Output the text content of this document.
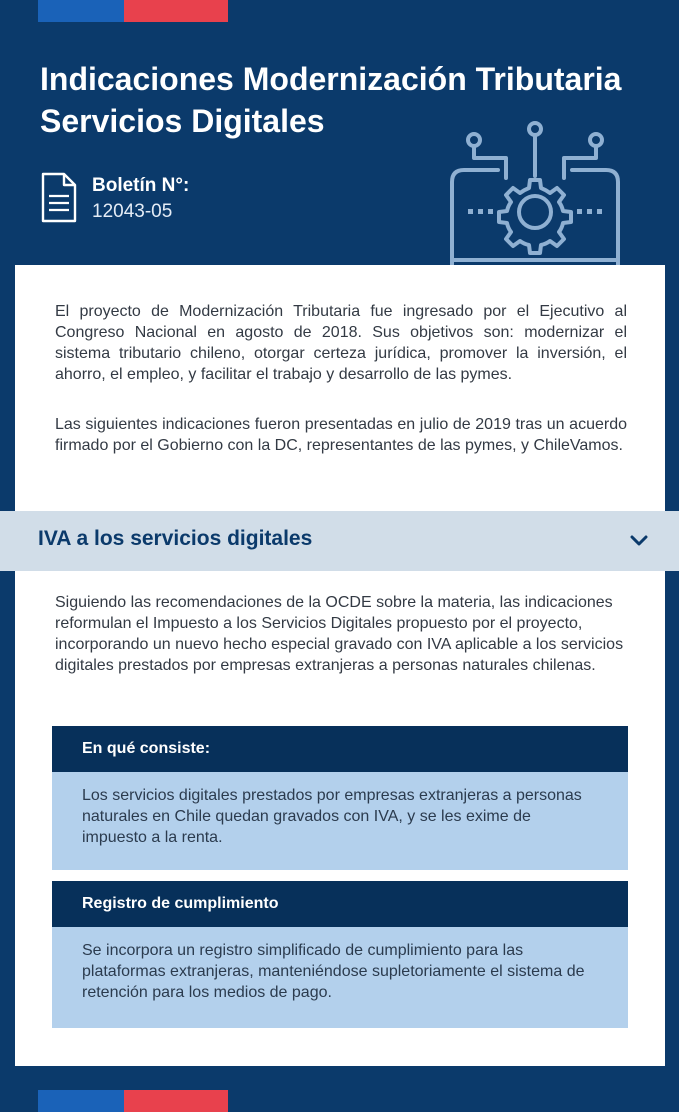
Indicaciones Modernización Tributaria
Servicios Digitales
Boletín N°:
12043-05

El proyecto de Modernización Tributaria fue ingresado por el Ejecutivo al Congreso Nacional en agosto de 2018. Sus objetivos son: modernizar el sistema tributario chileno, otorgar certeza jurídica, promover la inversión, el ahorro, el empleo, y facilitar el trabajo y desarrollo de las pymes.

Las siguientes indicaciones fueron presentadas en julio de 2019 tras un acuerdo firmado por el Gobierno con la DC, representantes de las pymes, y ChileVamos.

IVA a los servicios digitales

Siguiendo las recomendaciones de la OCDE sobre la materia, las indicaciones reformulan el Impuesto a los Servicios Digitales propuesto por el proyecto, incorporando un nuevo hecho especial gravado con IVA aplicable a los servicios digitales prestados por empresas extranjeras a personas naturales chilenas.

En qué consiste:
Los servicios digitales prestados por empresas extranjeras a personas naturales en Chile quedan gravados con IVA, y se les exime de impuesto a la renta.
Registro de cumplimiento
Se incorpora un registro simplificado de cumplimiento para las plataformas extranjeras, manteniéndose supletoriamente el sistema de retención para los medios de pago.
